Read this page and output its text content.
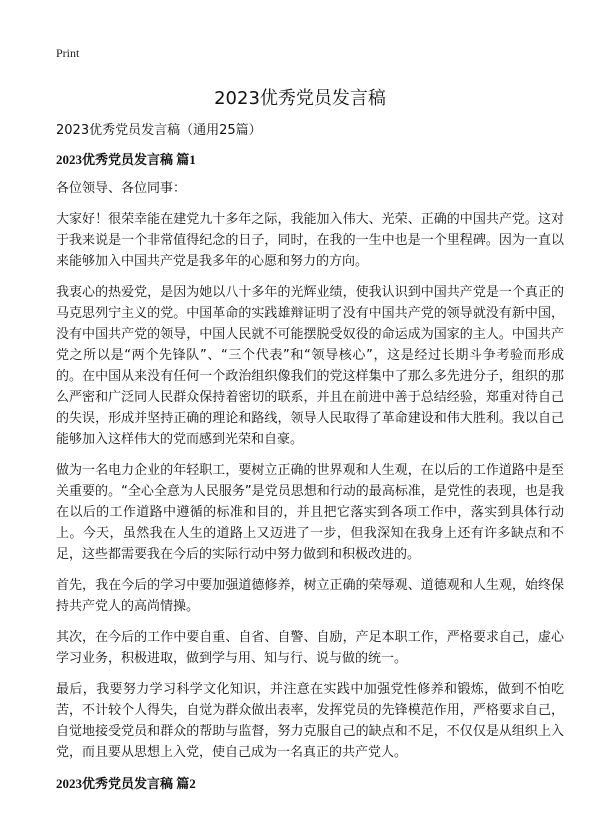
Print
2023优秀党员发言稿

2023优秀党员发言稿（通用25篇）

2023优秀党员发言稿 篇1

各位领导、各位同事：

大家好！很荣幸能在建党九十多年之际，我能加入伟大、光荣、正确的中国共产党。这对于我来说是一个非常值得纪念的日子，同时，在我的一生中也是一个里程碑。因为一直以来能够加入中国共产党是我多年的心愿和努力的方向。

我衷心的热爱党，是因为她以八十多年的光辉业绩，使我认识到中国共产党是一个真正的马克思列宁主义的党。中国革命的实践雄辩证明了没有中国共产党的领导就没有新中国，没有中国共产党的领导，中国人民就不可能摆脱受奴役的命运成为国家的主人。中国共产党之所以是“两个先锋队”、“三个代表”和“领导核心”，这是经过长期斗争考验而形成的。在中国从来没有任何一个政治组织像我们的党这样集中了那么多先进分子，组织的那么严密和广泛同人民群众保持着密切的联系，并且在前进中善于总结经验，郑重对待自己的失误，形成并坚持正确的理论和路线，领导人民取得了革命建设和伟大胜利。我以自己能够加入这样伟大的党而感到光荣和自豪。

做为一名电力企业的年轻职工，要树立正确的世界观和人生观，在以后的工作道路中是至关重要的。“全心全意为人民服务”是党员思想和行动的最高标准，是党性的表现，也是我在以后的工作道路中遵循的标准和目的，并且把它落实到各项工作中，落实到具体行动上。今天，虽然我在人生的道路上又迈进了一步，但我深知在我身上还有许多缺点和不足，这些都需要我在今后的实际行动中努力做到和积极改进的。

首先，我在今后的学习中要加强道德修养，树立正确的荣辱观、道德观和人生观，始终保持共产党人的高尚情操。

其次，在今后的工作中要自重、自省、自警、自励，产足本职工作，严格要求自己，虚心学习业务，积极进取，做到学与用、知与行、说与做的统一。

最后，我要努力学习科学文化知识，并注意在实践中加强党性修养和锻炼，做到不怕吃苦，不计较个人得失，自觉为群众做出表率，发挥党员的先锋模范作用，严格要求自己，自觉地接受党员和群众的帮助与监督，努力克服自己的缺点和不足，不仅仅是从组织上入党，而且要从思想上入党，使自己成为一名真正的共产党人。

2023优秀党员发言稿 篇2
